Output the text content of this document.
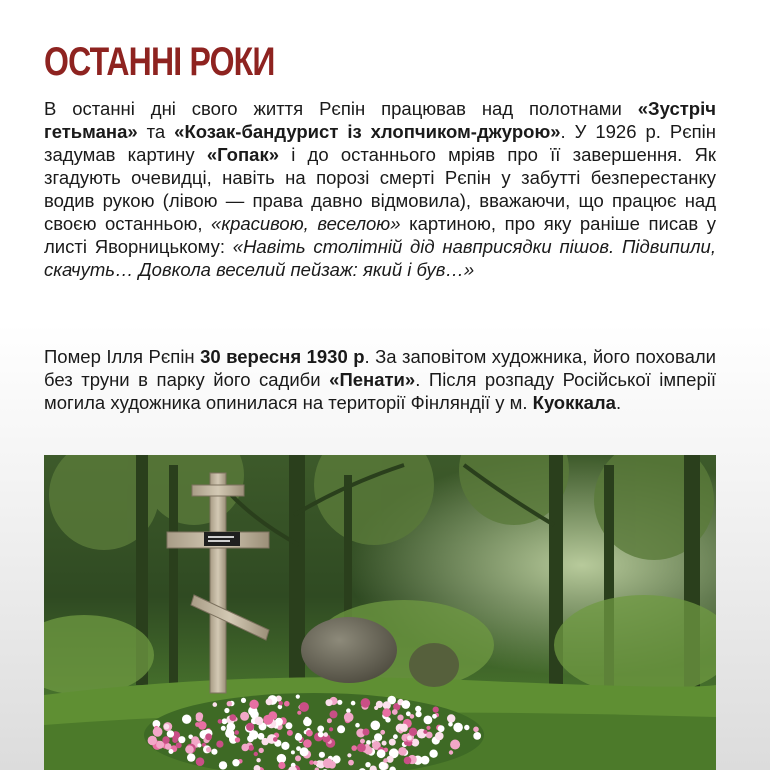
ОСТАННІ РОКИ

В останні дні свого життя Рєпін працював над полотнами «Зустріч гетьмана» та «Козак-бандурист із хлопчиком-джурою». У 1926 р. Рєпін задумав картину «Гопак» і до останнього мріяв про її завершення. Як згадують очевидці, навіть на порозі смерті Рєпін у забутті безперестанку водив рукою (лівою — права давно відмовила), вважаючи, що працює над своєю останньою, «красивою, веселою» картиною, про яку раніше писав у листі Яворницькому: «Навіть столітній дід навприсядки пішов. Підвипили, скачуть… Довкола веселий пейзаж: який і був…»

Помер Ілля Рєпін 30 вересня 1930 р. За заповітом художника, його поховали без труни в парку його садиби «Пенати». Після розпаду Російської імперії могила художника опинилася на території Фінляндії у м. Куоккала.
